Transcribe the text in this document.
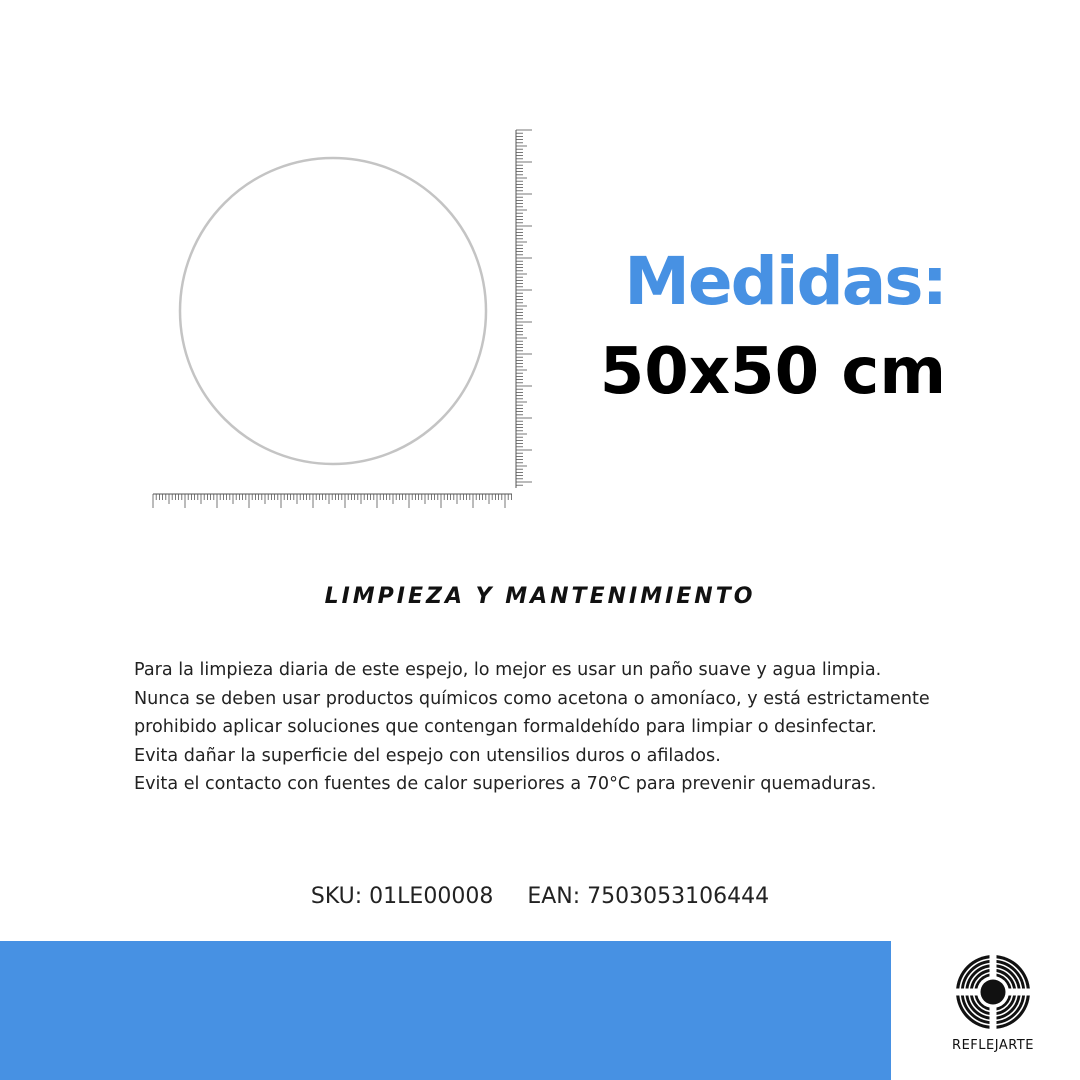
Medidas:
50x50 cm
LIMPIEZA Y MANTENIMIENTO
Para la limpieza diaria de este espejo, lo mejor es usar un paño suave y agua limpia.
Nunca se deben usar productos químicos como acetona o amoníaco, y está estrictamente
prohibido aplicar soluciones que contengan formaldehído para limpiar o desinfectar.
Evita dañar la superficie del espejo con utensilios duros o afilados.
Evita el contacto con fuentes de calor superiores a 70°C para prevenir quemaduras.
SKU: 01LE00008 EAN: 7503053106444
REFLEJARTE
